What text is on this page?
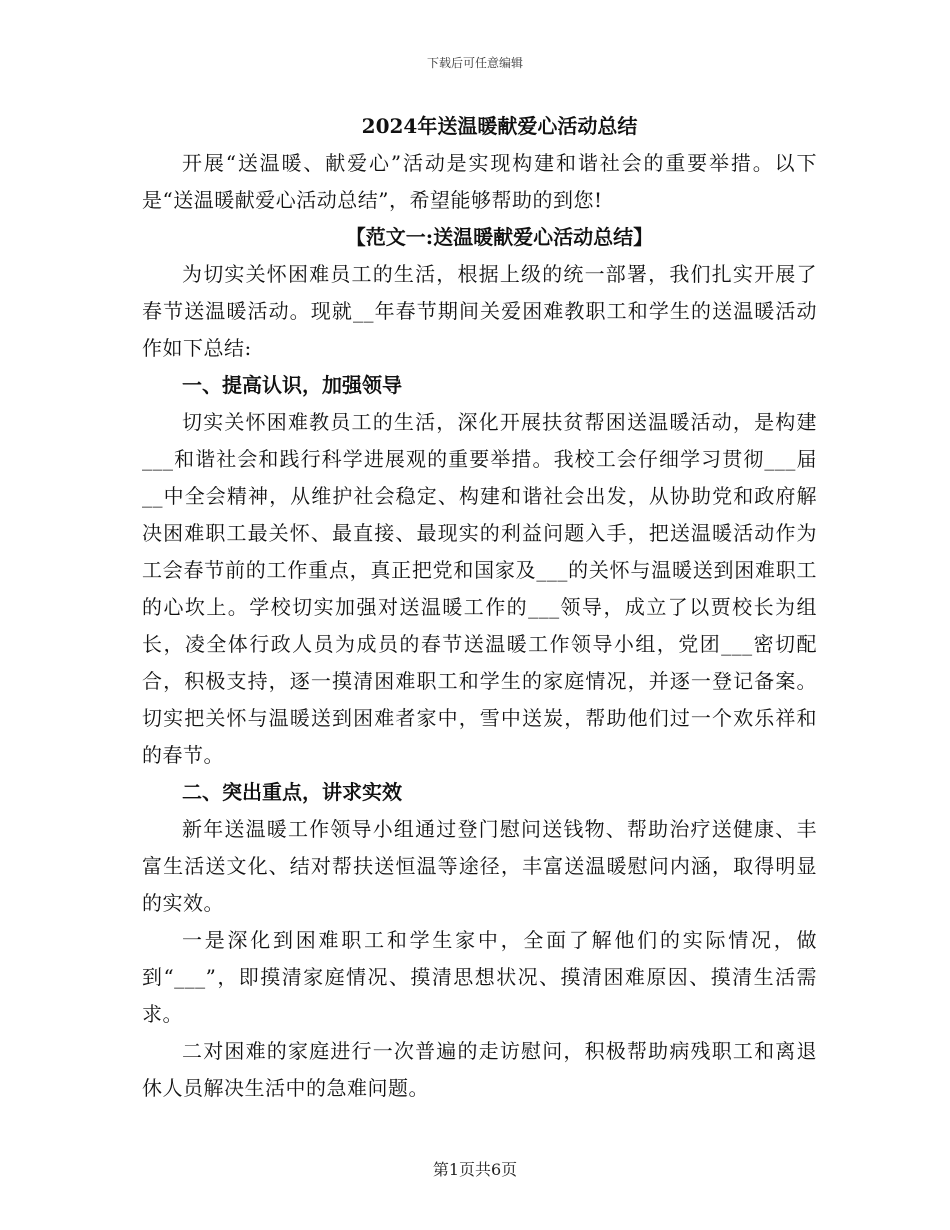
下载后可任意编辑

2024年送温暖献爱心活动总结

开展“送温暖、献爱心”活动是实现构建和谐社会的重要举措。以下是“送温暖献爱心活动总结”，希望能够帮助的到您!

【范文一:送温暖献爱心活动总结】

为切实关怀困难员工的生活，根据上级的统一部署，我们扎实开展了春节送温暖活动。现就__年春节期间关爱困难教职工和学生的送温暖活动作如下总结:

一、提高认识，加强领导

切实关怀困难教员工的生活，深化开展扶贫帮困送温暖活动，是构建___和谐社会和践行科学进展观的重要举措。我校工会仔细学习贯彻___届__中全会精神，从维护社会稳定、构建和谐社会出发，从协助党和政府解决困难职工最关怀、最直接、最现实的利益问题入手，把送温暖活动作为工会春节前的工作重点，真正把党和国家及___的关怀与温暖送到困难职工的心坎上。学校切实加强对送温暖工作的___领导，成立了以贾校长为组长，凌全体行政人员为成员的春节送温暖工作领导小组，党团___密切配合，积极支持，逐一摸清困难职工和学生的家庭情况，并逐一登记备案。切实把关怀与温暖送到困难者家中，雪中送炭，帮助他们过一个欢乐祥和的春节。

二、突出重点，讲求实效

新年送温暖工作领导小组通过登门慰问送钱物、帮助治疗送健康、丰富生活送文化、结对帮扶送恒温等途径，丰富送温暖慰问内涵，取得明显的实效。

一是深化到困难职工和学生家中，全面了解他们的实际情况，做到“___”，即摸清家庭情况、摸清思想状况、摸清困难原因、摸清生活需求。

二对困难的家庭进行一次普遍的走访慰问，积极帮助病残职工和离退休人员解决生活中的急难问题。

第1页共6页
